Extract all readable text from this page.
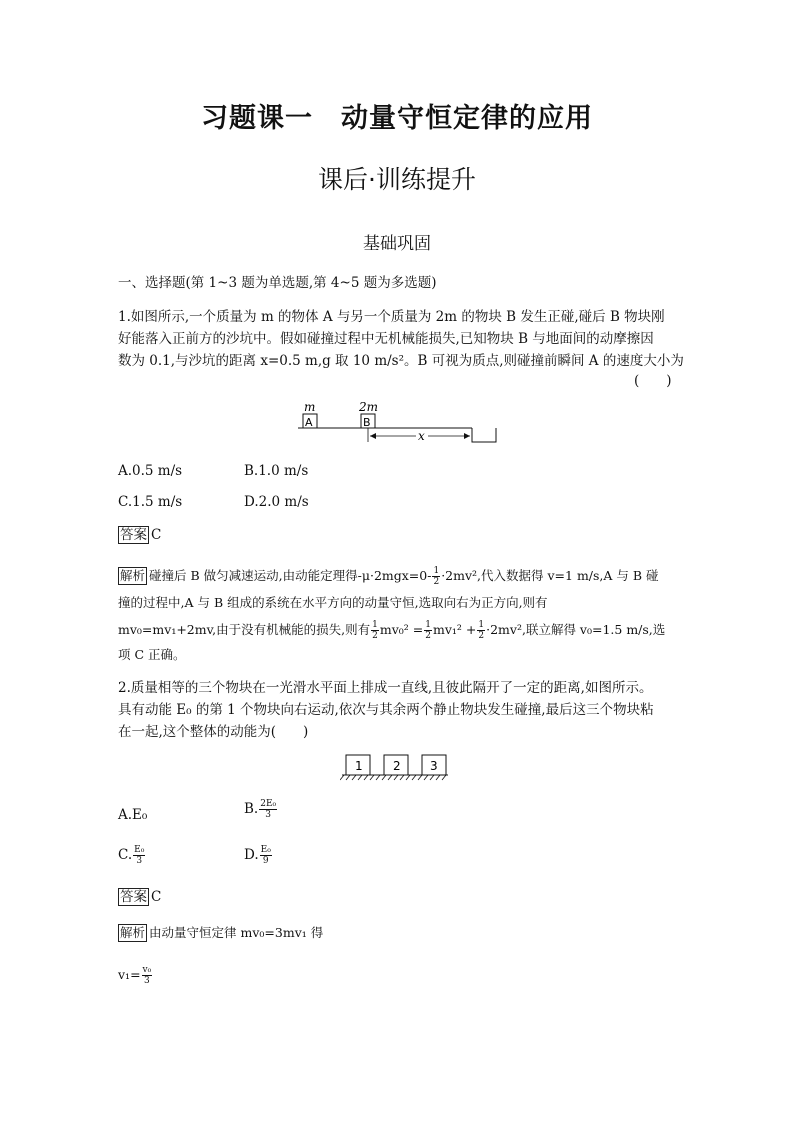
习题课一　动量守恒定律的应用
课后·训练提升
基础巩固
一、选择题(第 1~3 题为单选题,第 4~5 题为多选题)
1.如图所示,一个质量为 m 的物体 A 与另一个质量为 2m 的物块 B 发生正碰,碰后 B 物块刚
好能落入正前方的沙坑中。假如碰撞过程中无机械能损失,已知物块 B 与地面间的动摩擦因
数为 0.1,与沙坑的距离 x=0.5 m,g 取 10 m/s²。B 可视为质点,则碰撞前瞬间 A 的速度大小为
(　　)
m	2m
A	B
x
A.0.5 m/s	B.1.0 m/s
C.1.5 m/s	D.2.0 m/s
答案 C
解析 碰撞后 B 做匀减速运动,由动能定理得$-\mu\cdot 2mgx=0- \frac{1}{2} \cdot 2mv^2$,代入数据得 v=1 m/s,A 与 B 碰
撞的过程中,A 与 B 组成的系统在水平方向的动量守恒,选取向右为正方向,则有
mv₀=mv₁+2mv,由于没有机械能的损失,则有 $\frac{1}{2} mv_0^2 = \frac{1}{2} mv_1^2 + \frac{1}{2} \cdot 2mv^2$,联立解得 v₀=1.5 m/s,选
项 C 正确。
2.质量相等的三个物块在一光滑水平面上排成一直线,且彼此隔开了一定的距离,如图所示。
具有动能 E₀ 的第 1 个物块向右运动,依次与其余两个静止物块发生碰撞,最后这三个物块粘
在一起,这个整体的动能为(　　)
1	2 3
A.E₀	B. $\frac{\text{2E₀}}{3}$
C. $\frac{\text{E₀}}{3}$	D. $\frac{\text{E₀}}{9}$
答案 C
解析 由动量守恒定律 mv₀=3mv₁ 得
$v_1= \frac{\text{v₀}}{3}$
